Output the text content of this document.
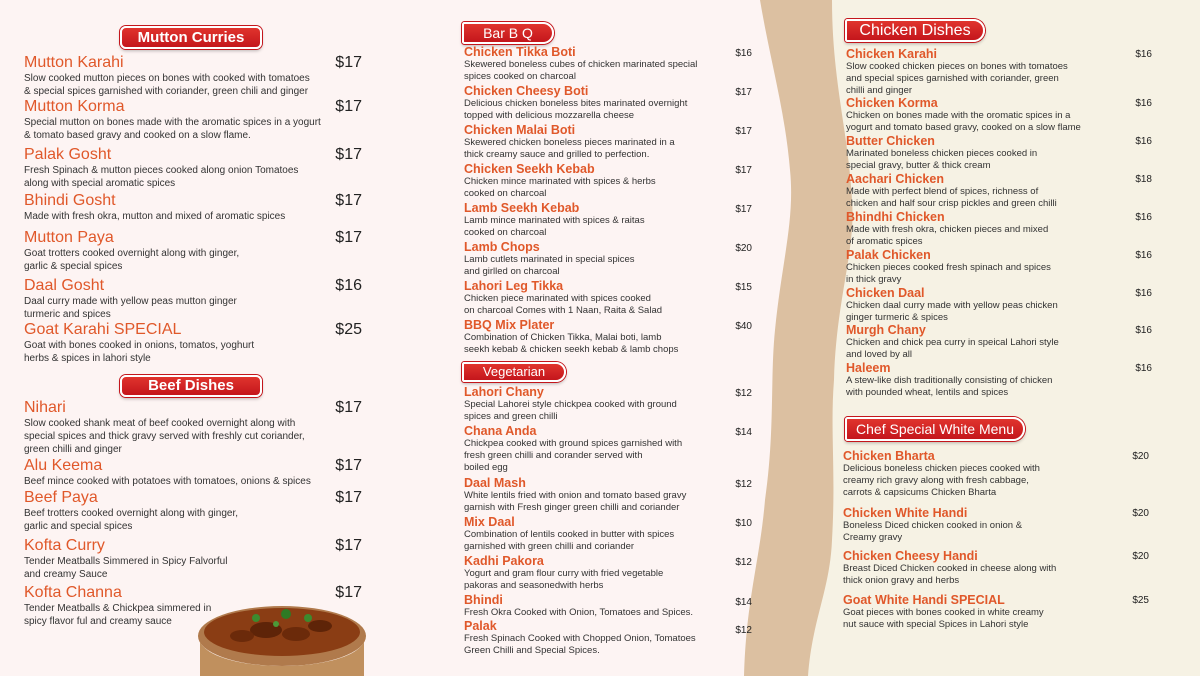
Mutton Curries
Mutton Karahi	$17
Slow cooked mutton pieces on bones with cooked with tomatoes
& special spices garnished with coriander, green chili and ginger
Mutton Korma	$17
Special mutton on bones made with the aromatic spices in a yogurt
& tomato based gravy and cooked on a slow flame.
Palak Gosht	$17
Fresh Spinach & mutton pieces cooked along onion Tomatoes
along with special aromatic spices
Bhindi Gosht	$17
Made with fresh okra, mutton and mixed of aromatic spices
Mutton Paya	$17
Goat trotters cooked overnight along with ginger,
garlic & special spices
Daal Gosht	$16
Daal curry made with yellow peas mutton ginger
turmeric and spices
Goat Karahi SPECIAL	$25
Goat with bones cooked in onions, tomatos, yoghurt
herbs & spices in lahori style
Beef Dishes
Nihari	$17
Slow cooked shank meat of beef cooked overnight along with
special spices and thick gravy served with freshly cut coriander,
green chilli and ginger
Alu Keema	$17
Beef mince cooked with potatoes with tomatoes, onions & spices
Beef Paya	$17
Beef trotters cooked overnight along with ginger,
garlic and special spices
Kofta Curry	$17
Tender Meatballs Simmered in Spicy Falvorful
and creamy Sauce
Kofta Channa	$17
Tender Meatballs & Chickpea simmered in
spicy flavor ful and creamy sauce
Bar B Q
Chicken Tikka Boti	$16
Skewered boneless cubes of chicken marinated special
spices cooked on charcoal
Chicken Cheesy Boti	$17
Delicious chicken boneless bites marinated overnight
topped with delicious mozzarella cheese
Chicken Malai Boti	$17
Skewered chicken boneless pieces marinated in a
thick creamy sauce and grilled to perfection.
Chicken Seekh Kebab	$17
Chicken mince marinated with spices & herbs
cooked on charcoal
Lamb Seekh Kebab	$17
Lamb mince marinated with spices & raitas
cooked on charcoal
Lamb Chops	$20
Lamb cutlets marinated in special spices
and girlled on charcoal
Lahori Leg Tikka	$15
Chicken piece marinated with spices cooked
on charcoal Comes with 1 Naan, Raita & Salad
BBQ Mix Plater	$40
Combination of Chicken Tikka, Malai boti, lamb
seekh kebab & chicken seekh kebab & lamb chops
Vegetarian
Lahori Chany	$12
Special Lahorei style chickpea cooked with ground
spices and green chilli
Chana Anda	$14
Chickpea cooked with ground spices garnished with
fresh green chilli and corander served with
boiled egg
Daal Mash	$12
White lentils fried with onion and tomato based gravy
garnish with Fresh ginger green chilli and coriander
Mix Daal	$10
Combination of lentils cooked in butter with spices
garnished with green chilli and coriander
Kadhi Pakora	$12
Yogurt and gram flour curry with fried vegetable
pakoras and seasonedwith herbs
Bhindi	$14
Fresh Okra Cooked with Onion, Tomatoes and Spices.
Palak	$12
Fresh Spinach Cooked with Chopped Onion, Tomatoes
Green Chilli and Special Spices.
Chicken Dishes
Chicken Karahi	$16
Slow cooked chicken pieces on bones with tomatoes
and special spices garnished with coriander, green
chilli and ginger
Chicken Korma	$16
Chicken on bones made with the oromatic spices in a
yogurt and tomato based gravy, cooked on a slow flame
Butter Chicken	$16
Marinated boneless chicken pieces cooked in
special gravy, butter & thick cream
Aachari Chicken	$18
Made with perfect blend of spices, richness of
chicken and half sour crisp pickles and green chilli
Bhindhi Chicken	$16
Made with fresh okra, chicken pieces and mixed
of aromatic spices
Palak Chicken	$16
Chicken pieces cooked fresh spinach and spices
in thick gravy
Chicken Daal	$16
Chicken daal curry made with yellow peas chicken
ginger turmeric & spices
Murgh Chany	$16
Chicken and chick pea curry in speical Lahori style
and loved by all
Haleem	$16
A stew-like dish traditionally consisting of chicken
with pounded wheat, lentils and spices
Chef Special White Menu
Chicken Bharta	$20
Delicious boneless chicken pieces cooked with
creamy rich gravy along with fresh cabbage,
carrots & capsicums Chicken Bharta
Chicken White Handi	$20
Boneless Diced chicken cooked in onion &
Creamy gravy
Chicken Cheesy Handi	$20
Breast Diced Chicken cooked in cheese along with
thick onion gravy and herbs
Goat White Handi SPECIAL	$25
Goat pieces with bones cooked in white creamy
nut sauce with special Spices in Lahori style
